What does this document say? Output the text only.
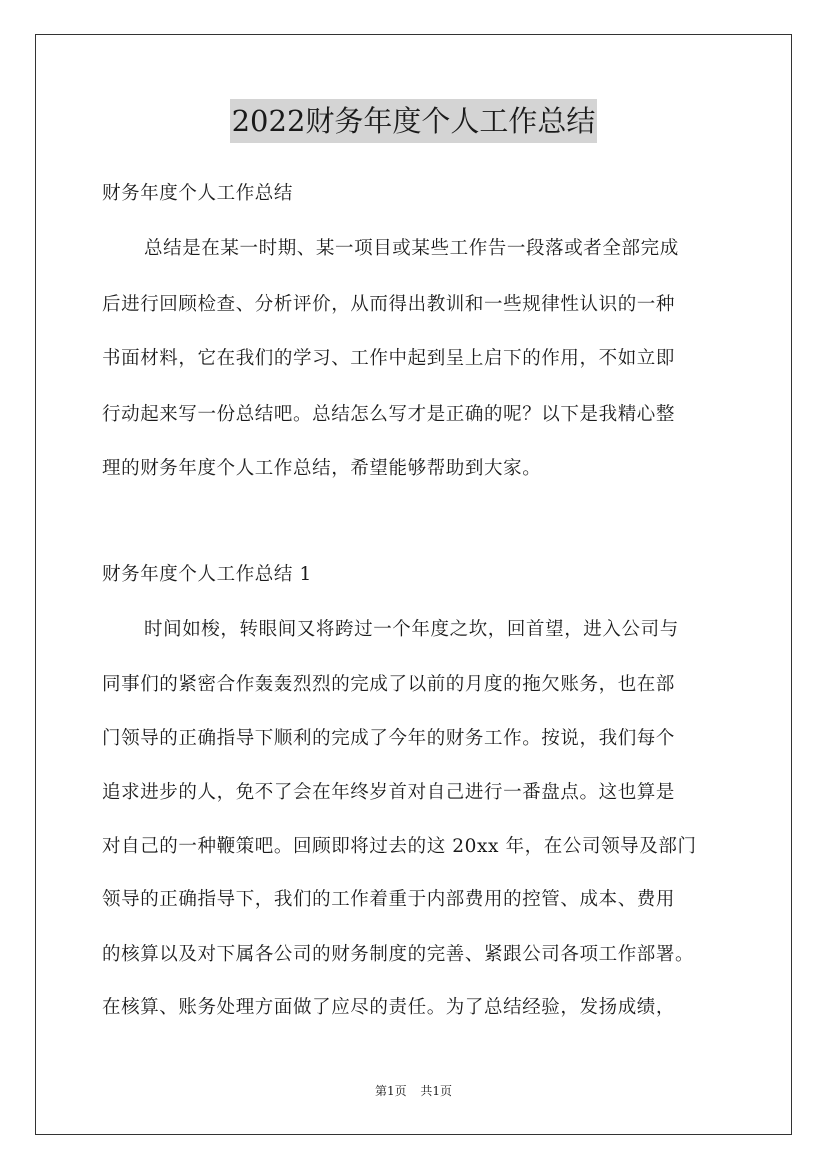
2022财务年度个人工作总结
财务年度个人工作总结
总结是在某一时期、某一项目或某些工作告一段落或者全部完成
后进行回顾检查、分析评价，从而得出教训和一些规律性认识的一种
书面材料，它在我们的学习、工作中起到呈上启下的作用，不如立即
行动起来写一份总结吧。总结怎么写才是正确的呢？以下是我精心整
理的财务年度个人工作总结，希望能够帮助到大家。
财务年度个人工作总结 1
时间如梭，转眼间又将跨过一个年度之坎，回首望，进入公司与
同事们的紧密合作轰轰烈烈的完成了以前的月度的拖欠账务，也在部
门领导的正确指导下顺利的完成了今年的财务工作。按说，我们每个
追求进步的人，免不了会在年终岁首对自己进行一番盘点。这也算是
对自己的一种鞭策吧。回顾即将过去的这 20xx 年，在公司领导及部门
领导的正确指导下，我们的工作着重于内部费用的控管、成本、费用
的核算以及对下属各公司的财务制度的完善、紧跟公司各项工作部署。
在核算、账务处理方面做了应尽的责任。为了总结经验，发扬成绩，
第1页 共1页
